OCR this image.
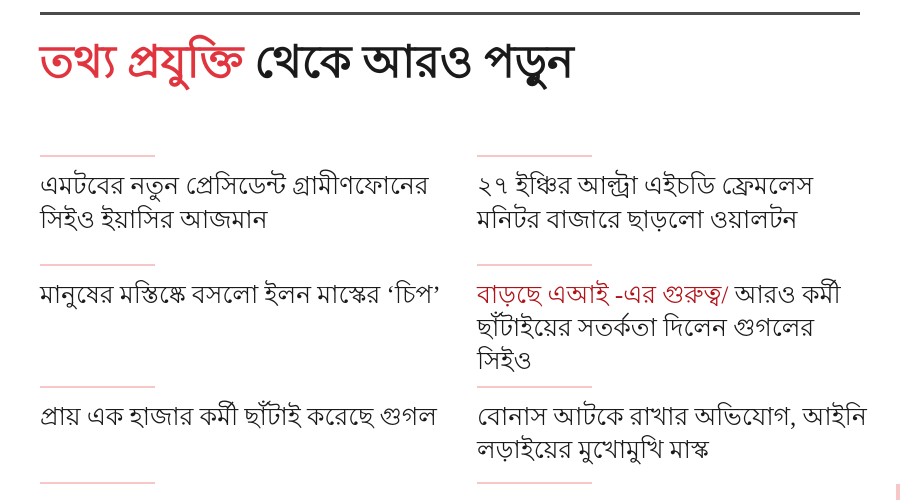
তথ্য প্রযুক্তি থেকে আরও পড়ুন

এমটবের নতুন প্রেসিডেন্ট গ্রামীণফোনের সিইও ইয়াসির আজমান

২৭ ইঞ্চির আল্ট্রা এইচডি ফ্রেমলেস মনিটর বাজারে ছাড়লো ওয়ালটন

মানুষের মস্তিষ্কে বসলো ইলন মাস্কের ‘চিপ’ বাড়ছে এআই -এর গুরুত্ব/ আরও কর্মী ছাঁটাইয়ের সতর্কতা দিলেন গুগলের সিইও

প্রায় এক হাজার কর্মী ছাঁটাই করেছে গুগল	বোনাস আটকে রাখার অভিযোগ, আইনি লড়াইয়ের মুখোমুখি মাস্ক
